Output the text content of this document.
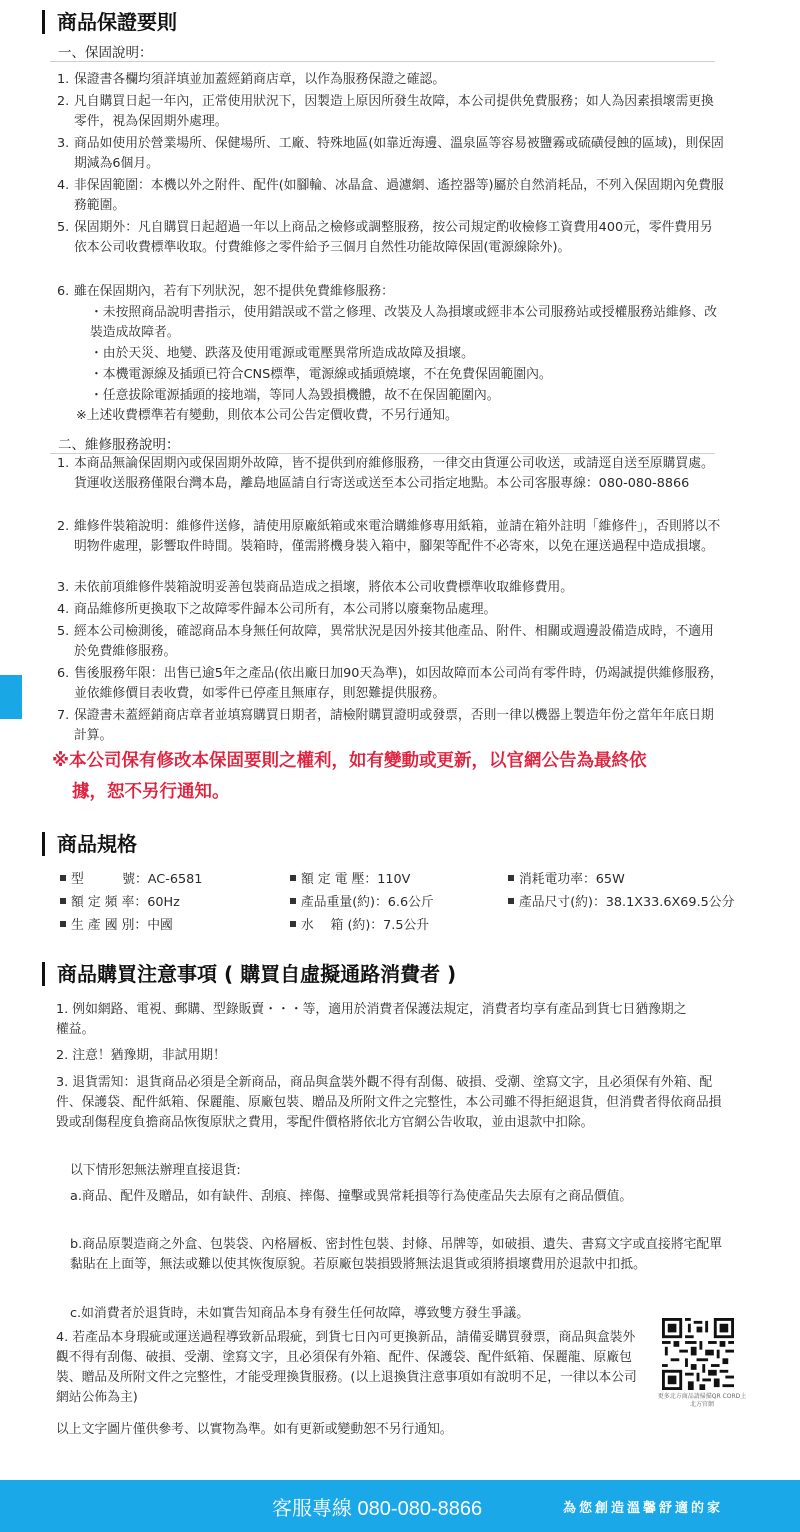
商品保證要則
一、保固說明：
1. 保證書各欄均須詳填並加蓋經銷商店章，以作為服務保證之確認。
2. 凡自購買日起一年內，正常使用狀況下，因製造上原因所發生故障，本公司提供免費服務；如人為因素損壞需更換零件，視為保固期外處理。
3. 商品如使用於營業場所、保健場所、工廠、特殊地區(如靠近海邊、溫泉區等容易被鹽霧或硫磺侵蝕的區域)，則保固期減為6個月。
4. 非保固範圍：本機以外之附件、配件(如腳輪、冰晶盒、過濾網、遙控器等)屬於自然消耗品，不列入保固期內免費服務範圍。
5. 保固期外：凡自購買日起超過一年以上商品之檢修或調整服務，按公司規定酌收檢修工資費用400元，零件費用另依本公司收費標準收取。付費維修之零件給予三個月自然性功能故障保固(電源線除外)。
6. 雖在保固期內，若有下列狀況，恕不提供免費維修服務：
・未按照商品說明書指示，使用錯誤或不當之修理、改裝及人為損壞或經非本公司服務站或授權服務站維修、改裝造成故障者。
・由於天災、地變、跌落及使用電源或電壓異常所造成故障及損壞。
・本機電源線及插頭已符合CNS標準，電源線或插頭燒壞，不在免費保固範圍內。
・任意拔除電源插頭的接地端，等同人為毀損機體，故不在保固範圍內。
※上述收費標準若有變動，則依本公司公告定價收費，不另行通知。
二、維修服務說明：
1. 本商品無論保固期內或保固期外故障，皆不提供到府維修服務，一律交由貨運公司收送，或請逕自送至原購買處。貨運收送服務僅限台灣本島，離島地區請自行寄送或送至本公司指定地點。本公司客服專線：080-080-8866
2. 維修件裝箱說明：維修件送修，請使用原廠紙箱或來電洽購維修專用紙箱，並請在箱外註明「維修件」，否則將以不明物件處理，影響取件時間。裝箱時，僅需將機身裝入箱中，腳架等配件不必寄來，以免在運送過程中造成損壞。
3. 未依前項維修件裝箱說明妥善包裝商品造成之損壞，將依本公司收費標準收取維修費用。
4. 商品維修所更換取下之故障零件歸本公司所有，本公司將以廢棄物品處理。
5. 經本公司檢測後，確認商品本身無任何故障，異常狀況是因外接其他產品、附件、相關或週邊設備造成時，不適用於免費維修服務。
6. 售後服務年限：出售已逾5年之產品(依出廠日加90天為準)，如因故障而本公司尚有零件時，仍竭誠提供維修服務，並依維修價目表收費，如零件已停產且無庫存，則恕難提供服務。
7. 保證書未蓋經銷商店章者並填寫購買日期者，請檢附購買證明或發票，否則一律以機器上製造年份之當年年底日期計算。

※本公司保有修改本保固要則之權利，如有變動或更新，以官網公告為最終依
據，恕不另行通知。

商品規格
型　　　號：AC-6581	額 定 電 壓：110V	消耗電功率：65W
額 定 頻 率：60Hz	產品重量(約)：6.6公斤	產品尺寸(約)：38.1X33.6X69.5公分
生 產 國 別：中國	水　 箱 (約)：7.5公升
商品購買注意事項 ( 購買自虛擬通路消費者 )
1. 例如網路、電視、郵購、型錄販賣・・・等，適用於消費者保護法規定，消費者均享有產品到貨七日猶豫期之權益。
2. 注意！猶豫期，非試用期！
3. 退貨需知：退貨商品必須是全新商品，商品與盒裝外觀不得有刮傷、破損、受潮、塗寫文字，且必須保有外箱、配件、保護袋、配件紙箱、保麗龍、原廠包裝、贈品及所附文件之完整性，本公司雖不得拒絕退貨，但消費者得依商品損毀或刮傷程度負擔商品恢復原狀之費用，零配件價格將依北方官網公告收取，並由退款中扣除。
以下情形恕無法辦理直接退貨:
a.商品、配件及贈品，如有缺件、刮痕、摔傷、撞擊或異常耗損等行為使產品失去原有之商品價值。
b.商品原製造商之外盒、包裝袋、內格層板、密封性包裝、封條、吊牌等，如破損、遺失、書寫文字或直接將宅配單黏貼在上面等，無法或難以使其恢復原貌。若原廠包裝損毀將無法退貨或須將損壞費用於退款中扣抵。
c.如消費者於退貨時，未如實告知商品本身有發生任何故障，導致雙方發生爭議。
4. 若產品本身瑕疵或運送過程導致新品瑕疵，到貨七日內可更換新品，請備妥購買發票，商品與盒裝外觀不得有刮傷、破損、受潮、塗寫文字，且必須保有外箱、配件、保護袋、配件紙箱、保麗龍、原廠包裝、贈品及所附文件之完整性，才能受理換貨服務。(以上退換貨注意事項如有說明不足，一律以本公司網站公佈為主)
以上文字圖片僅供參考、以實物為準。如有更新或變動恕不另行通知。
更多北方商品請掃描QR CORD上北方官網
客服專線 080-080-8866	為您創造溫馨舒適的家
